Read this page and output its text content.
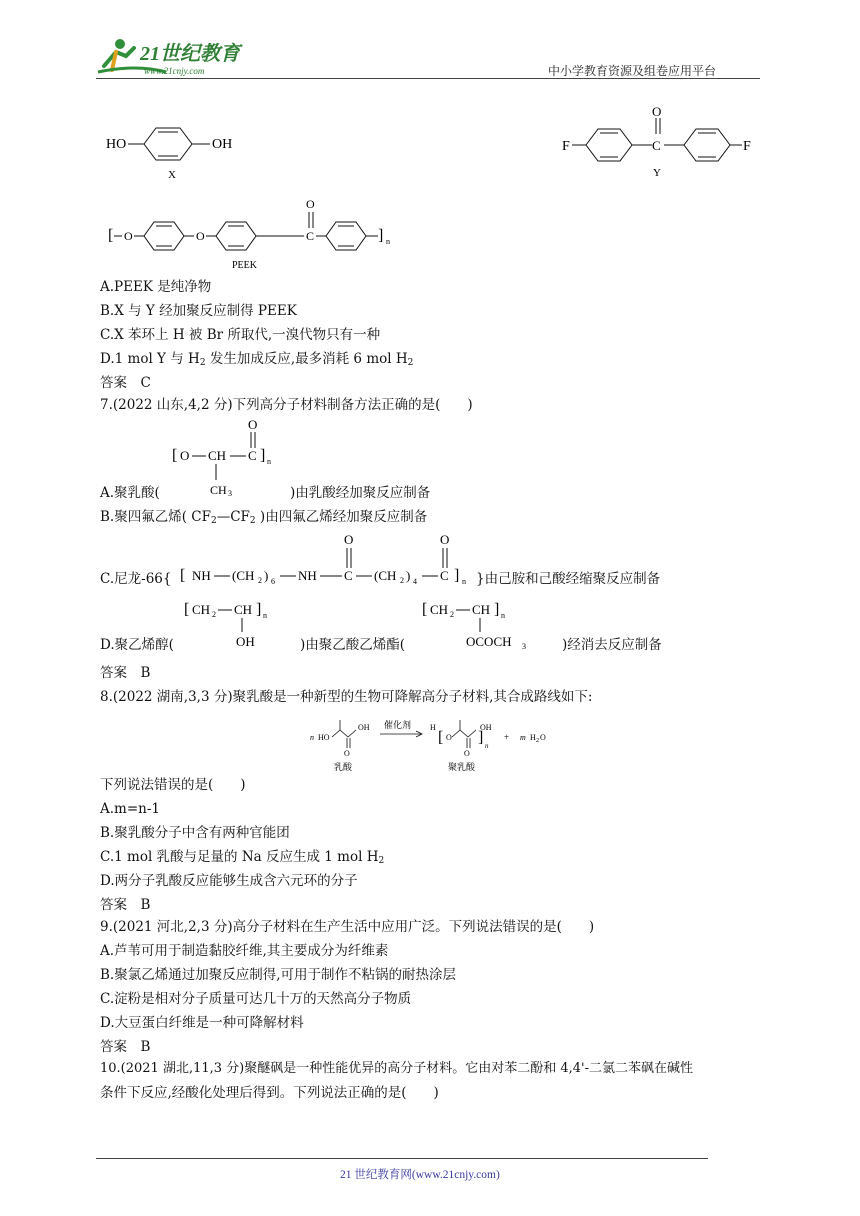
21世纪教育
www.21cnjy.com	中小学教育资源及组卷应用平台
HO	OH
X
F	C
O
F
Y
[ O	O	C
O
] n
PEEK
A.PEEK 是纯净物
B.X 与 Y 经加聚反应制得 PEEK
C.X 苯环上 H 被 Br 所取代,一溴代物只有一种
D.1 mol Y 与 $H_2$ 发生加成反应,最多消耗 6 mol $H_2$
答案　C
7.(2022 山东,4,2 分)下列高分子材料制备方法正确的是(　　)
[ O CH
CH 3
C
O
] n
A.聚乳酸(	)由乳酸经加聚反应制备
B.聚四氟乙烯( $CF_2—CF_2$ )由四氟乙烯经加聚反应制备
C.尼龙-66{ [ NH (CH 2 ) 6 NH C
O
(CH 2 ) 4 C
O
] n }由己胺和己酸经缩聚反应制备
[ CH 2 CH
OH
] n	[ CH 2 CH
OCOCH 3
] n
D.聚乙烯醇(	)由聚乙酸乙烯酯(	)经消去反应制备
答案　B
8.(2022 湖南,3,3 分)聚乳酸是一种新型的生物可降解高分子材料,其合成路线如下:
n HO
OH
O
乳酸
催化剂 H
[ O
O
] n
OH
聚乳酸
+ m H 2 O
下列说法错误的是(　　)
A.m=n-1
B.聚乳酸分子中含有两种官能团
C.1 mol 乳酸与足量的 Na 反应生成 1 mol $H_2$
D.两分子乳酸反应能够生成含六元环的分子
答案　B
9.(2021 河北,2,3 分)高分子材料在生产生活中应用广泛。下列说法错误的是(　　)
A.芦苇可用于制造黏胶纤维,其主要成分为纤维素
B.聚氯乙烯通过加聚反应制得,可用于制作不粘锅的耐热涂层
C.淀粉是相对分子质量可达几十万的天然高分子物质
D.大豆蛋白纤维是一种可降解材料
答案　B
10.(2021 湖北,11,3 分)聚醚砜是一种性能优异的高分子材料。它由对苯二酚和 4,4'-二氯二苯砜在碱性
条件下反应,经酸化处理后得到。下列说法正确的是(　　)
21 世纪教育网(www.21cnjy.com)
